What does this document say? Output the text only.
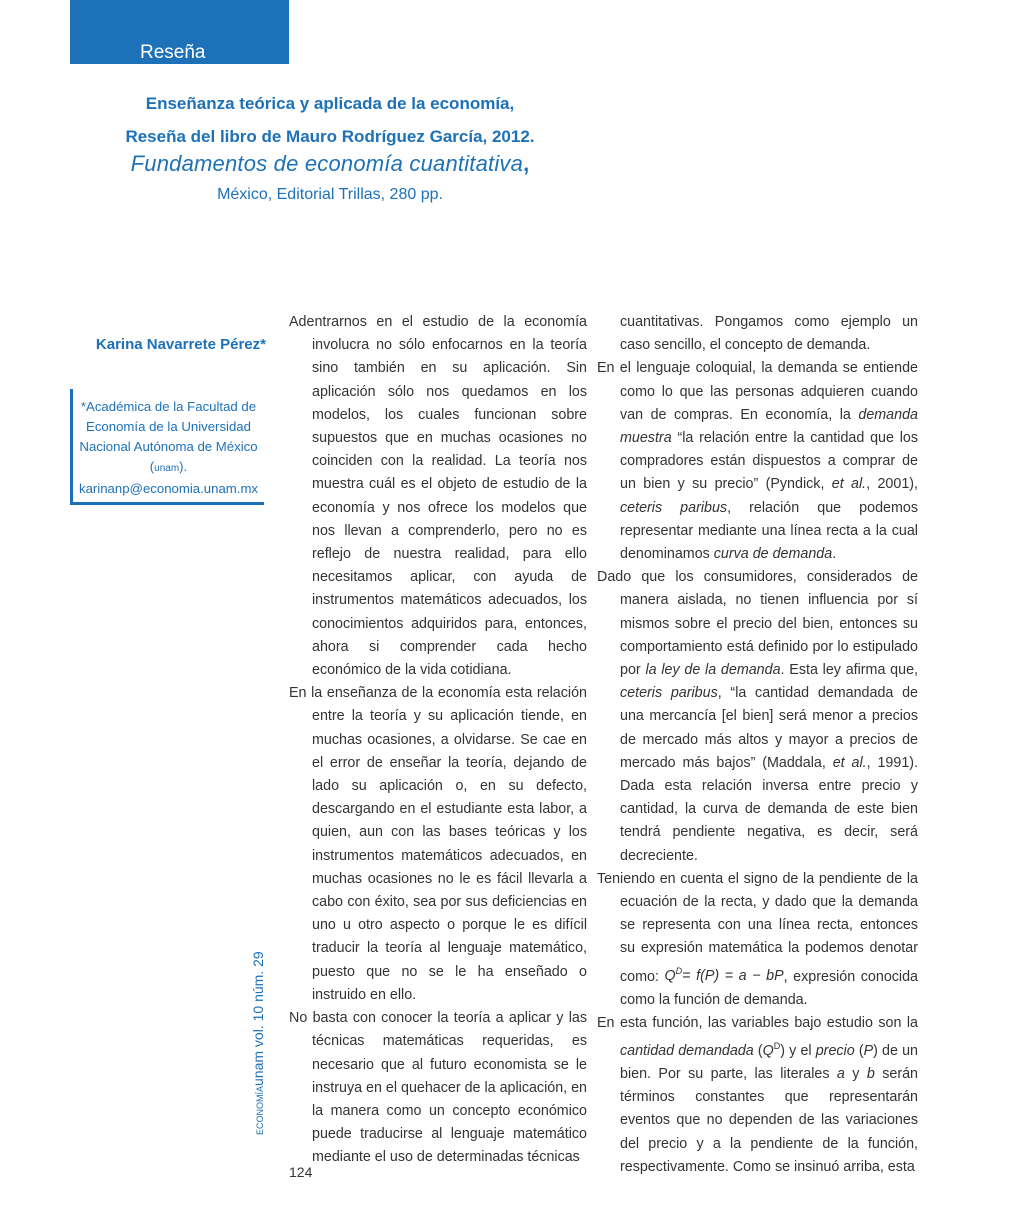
Reseña
Enseñanza teórica y aplicada de la economía,
Reseña del libro de Mauro Rodríguez García, 2012.
Fundamentos de economía cuantitativa,
México, Editorial Trillas, 280 pp.
Karina Navarrete Pérez*
*Académica de la Facultad de
Economía de la Universidad
Nacional Autónoma de México
(unam).
karinanp@economia.unam.mx
ECONOMÍAunam vol. 10 núm. 29

Adentrarnos en el estudio de la economía involucra no sólo enfocarnos en la teoría sino también en su aplicación. Sin aplicación sólo nos quedamos en los modelos, los cuales funcionan sobre supuestos que en muchas ocasiones no coinciden con la realidad. La teoría nos muestra cuál es el objeto de estudio de la economía y nos ofrece los modelos que nos llevan a comprenderlo, pero no es reflejo de nuestra realidad, para ello necesitamos aplicar, con ayuda de instrumentos matemáticos adecuados, los conocimientos adquiridos para, entonces, ahora si comprender cada hecho económico de la vida cotidiana.

En la enseñanza de la economía esta relación entre la teoría y su aplicación tiende, en muchas ocasiones, a olvidarse. Se cae en el error de enseñar la teoría, dejando de lado su aplicación o, en su defecto, descargando en el estudiante esta labor, a quien, aun con las bases teóricas y los instrumentos matemáticos adecuados, en muchas ocasiones no le es fácil llevarla a cabo con éxito, sea por sus deficiencias en uno u otro aspecto o porque le es difícil traducir la teoría al lenguaje matemático, puesto que no se le ha enseñado o instruido en ello.

No basta con conocer la teoría a aplicar y las técnicas matemáticas requeridas, es necesario que al futuro economista se le instruya en el quehacer de la aplicación, en la manera como un concepto económico puede traducirse al lenguaje matemático mediante el uso de determinadas técnicas

cuantitativas. Pongamos como ejemplo un caso sencillo, el concepto de demanda.

En el lenguaje coloquial, la demanda se entiende como lo que las personas adquieren cuando van de compras. En economía, la demanda muestra “la relación entre la cantidad que los compradores están dispuestos a comprar de un bien y su precio” (Pyndick, et al., 2001), ceteris paribus, relación que podemos representar mediante una línea recta a la cual denominamos curva de demanda.

Dado que los consumidores, considerados de manera aislada, no tienen influencia por sí mismos sobre el precio del bien, entonces su comportamiento está definido por lo estipulado por la ley de la demanda. Esta ley afirma que, ceteris paribus, “la cantidad demandada de una mercancía [el bien] será menor a precios de mercado más altos y mayor a precios de mercado más bajos” (Maddala, et al., 1991). Dada esta relación inversa entre precio y cantidad, la curva de demanda de este bien tendrá pendiente negativa, es decir, será decreciente.

Teniendo en cuenta el signo de la pendiente de la ecuación de la recta, y dado que la demanda se representa con una línea recta, entonces su expresión matemática la podemos denotar como: $Q^D= f(P) = a$ − bP, expresión conocida como la función de demanda.

En esta función, las variables bajo estudio son la cantidad demandada $(Q^D)$ y el precio (P) de un bien. Por su parte, las literales a y b serán términos constantes que representarán eventos que no dependen de las variaciones del precio y a la pendiente de la función, respectivamente. Como se insinuó arriba, esta

124
